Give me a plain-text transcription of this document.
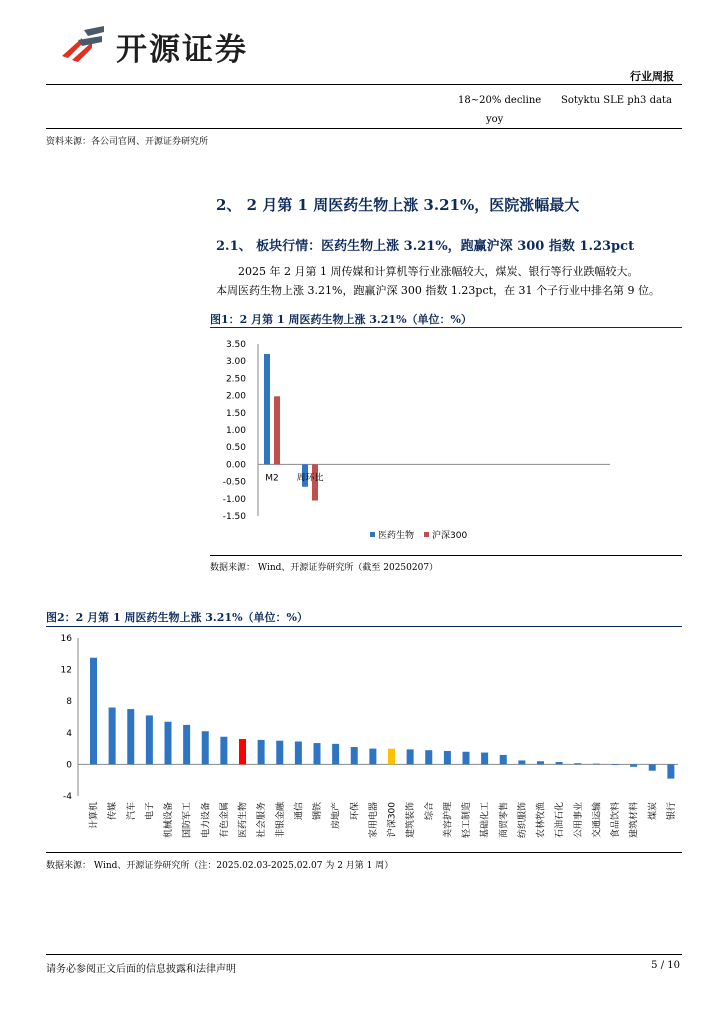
开源证券
行业周报
18~20% decline
yoy
Sotyktu SLE ph3 data
资料来源：各公司官网、开源证券研究所
2、 2 月第 1 周医药生物上涨 3.21%，医院涨幅最大
2.1、 板块行情：医药生物上涨 3.21%，跑赢沪深 300 指数 1.23pct
2025 年 2 月第 1 周传媒和计算机等行业涨幅较大，煤炭、银行等行业跌幅较大。
本周医药生物上涨 3.21%，跑赢沪深 300 指数 1.23pct，在 31 个子行业中排名第 9 位。
图1：2 月第 1 周医药生物上涨 3.21%（单位：%）
3.50
3.00
2.50
2.00
1.50
1.00
0.50
0.00
-0.50
-1.00
-1.50
M2 周环比
医药生物 沪深300
数据来源： Wind、开源证券研究所（截至 20250207）
图2：2 月第 1 周医药生物上涨 3.21%（单位：%）
16
12
8
4
0
-4
计算机 传媒 汽车 电子 机械设备 国防军工 电力设备 有色金属 医药生物 社会服务 非银金融 通信 钢铁 房地产 环保 家用电器 沪深300 建筑装饰 综合 美容护理 轻工制造 基础化工 商贸零售 纺织服饰 农林牧渔 石油石化 公用事业 交通运输 食品饮料 建筑材料 煤炭 银行
数据来源： Wind、开源证券研究所（注：2025.02.03-2025.02.07 为 2 月第 1 周）
请务必参阅正文后面的信息披露和法律声明	5 / 10
